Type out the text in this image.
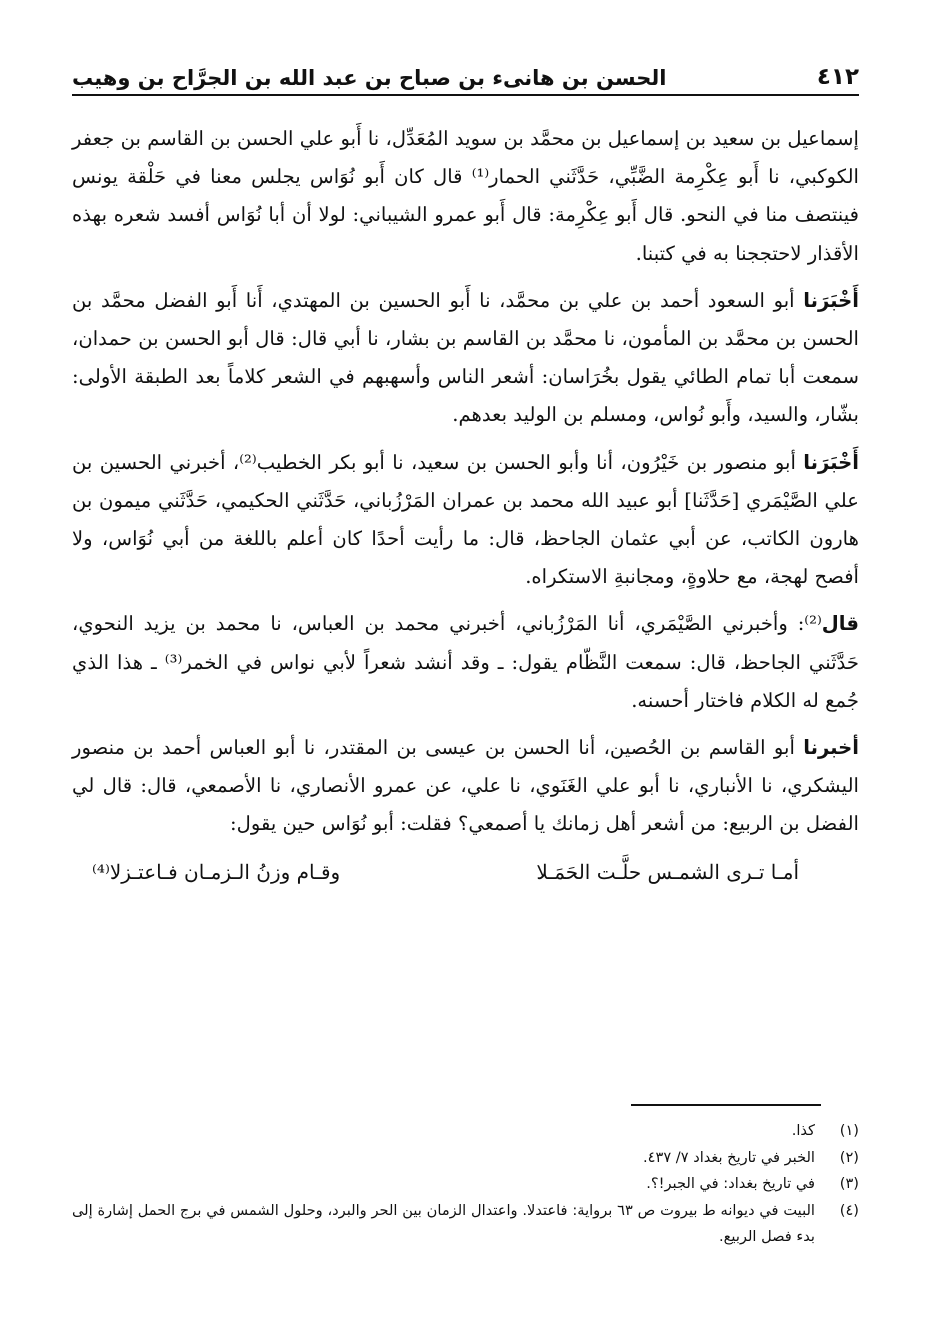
٤١٢
الحسن بن هانىء بن صباح بن عبد الله بن الجرَّاح بن وهيب

إسماعيل بن سعيد بن إسماعيل بن محمَّد بن سويد المُعَدِّل، نا أَبو علي الحسن بن القاسم بن جعفر الكوكبي، نا أَبو عِكْرِمة الضَّبِّي، حَدَّثَني الحمار⁽¹⁾ قال كان أَبو نُوَاس يجلس معنا في حَلْقة يونس فينتصف منا في النحو. قال أَبو عِكْرِمة: قال أَبو عمرو الشيباني: لولا أن أبا نُوَاس أفسد شعره بهذه الأقذار لاحتججنا به في كتبنا.

أَخْبَرَنا أبو السعود أحمد بن علي بن محمَّد، نا أَبو الحسين بن المهتدي، أَنا أَبو الفضل محمَّد بن الحسن بن محمَّد بن المأمون، نا محمَّد بن القاسم بن بشار، نا أبي قال: قال أبو الحسن بن حمدان، سمعت أبا تمام الطائي يقول بخُرَاسان: أشعر الناس وأسهبهم في الشعر كلاماً بعد الطبقة الأولى: بشّار، والسيد، وأَبو نُواس، ومسلم بن الوليد بعدهم.

أَخْبَرَنا أبو منصور بن خَيْرُون، أنا وأبو الحسن بن سعيد، نا أبو بكر الخطيب⁽²⁾، أخبرني الحسين بن علي الصَّيْمَري [حَدَّثَنا] أبو عبيد الله محمد بن عمران المَرْزُباني، حَدَّثَني الحكيمي، حَدَّثَني ميمون بن هارون الكاتب، عن أبي عثمان الجاحظ، قال: ما رأيت أحدًا كان أعلم باللغة من أبي نُوَاس، ولا أفصح لهجة، مع حلاوةٍ، ومجانبةِ الاستكراه.

قال⁽²⁾: وأخبرني الصَّيْمَري، أنا المَرْزُباني، أخبرني محمد بن العباس، نا محمد بن يزيد النحوي، حَدَّثَني الجاحظ، قال: سمعت النَّظّام يقول: ـ وقد أنشد شعراً لأبي نواس في الخمر⁽³⁾ ـ هذا الذي جُمع له الكلام فاختار أحسنه.

أخبرنا أبو القاسم بن الحُصين، أنا الحسن بن عيسى بن المقتدر، نا أبو العباس أحمد بن منصور اليشكري، نا الأنباري، نا أبو علي الغَنَوي، نا علي، عن عمرو الأنصاري، نا الأصمعي، قال: قال لي الفضل بن الربيع: من أشعر أهل زمانك يا أصمعي؟ فقلت: أبو نُوَاس حين يقول:

أمـا تـرى الشمـس حلَّـت الحَمَـلا
وقـام وزنُ الـزمـان فـاعتـزلا⁽⁴⁾
(١)
كذا.
(٢)
الخبر في تاريخ بغداد ٧/ ٤٣٧.
(٣)
في تاريخ بغداد: في الجبر!؟.
(٤)
البيت في ديوانه ط بيروت ص ٦٣ برواية: فاعتدلا. واعتدال الزمان بين الحر والبرد، وحلول الشمس في برج الحمل إشارة إلى بدء فصل الربيع.
